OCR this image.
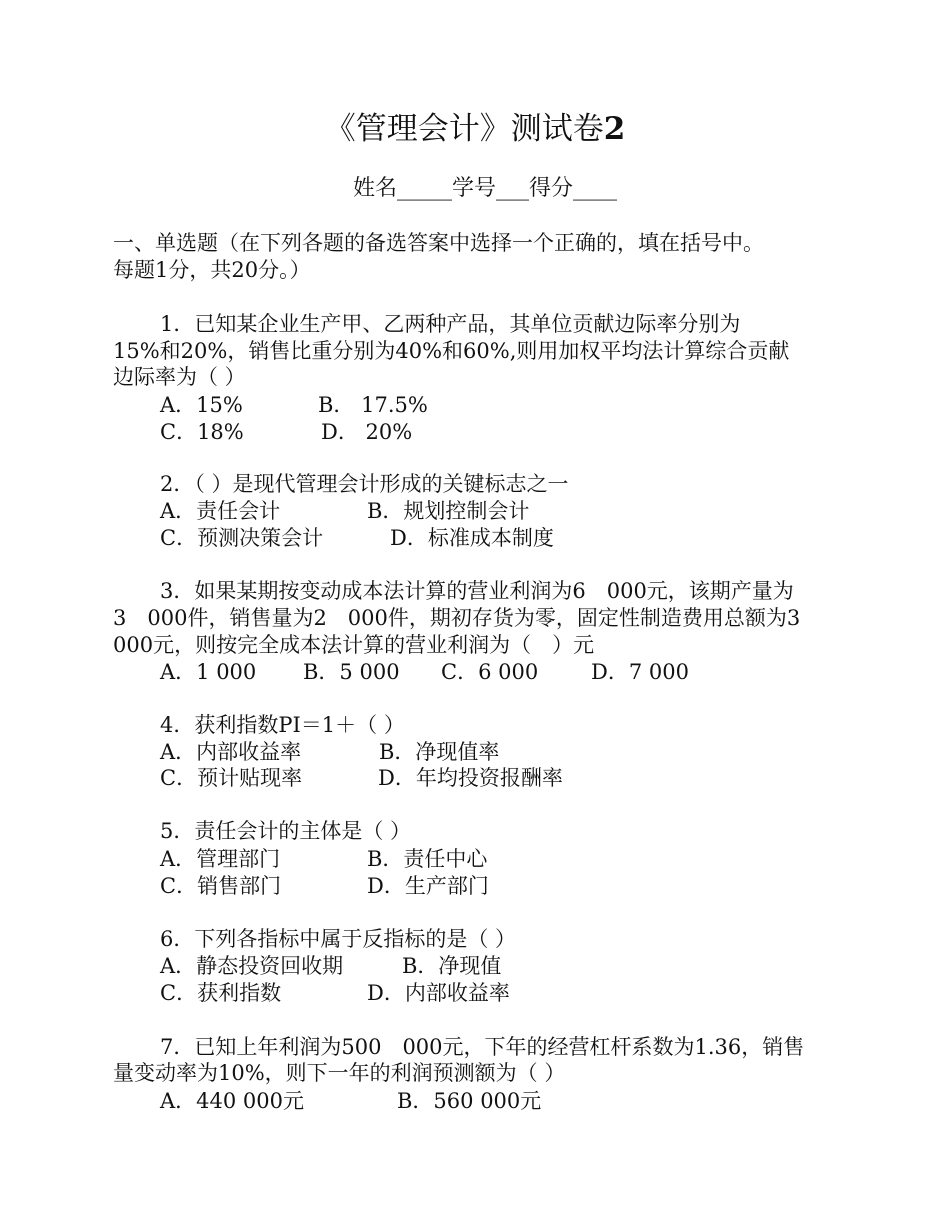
《管理会计》测试卷2
姓名_____学号___得分____
一、单选题（在下列各题的备选答案中选择一个正确的，填在括号中。
每题1分，共20分。）
1．已知某企业生产甲、乙两种产品，其单位贡献边际率分别为
15%和20%，销售比重分别为40%和60%,则用加权平均法计算综合贡献
边际率为（ ）
A．15%	B． 17.5%
C．18%	D． 20%
2．（ ）是现代管理会计形成的关键标志之一
A．责任会计	B．规划控制会计
C．预测决策会计	D．标准成本制度
3．如果某期按变动成本法计算的营业利润为6　000元，该期产量为
3　000件，销售量为2　000件，期初存货为零，固定性制造费用总额为3
000元，则按完全成本法计算的营业利润为（　）元
A．1 000 B．5 000 C．6 000	D．7 000
4．获利指数PI＝1＋（ ）
A．内部收益率	B．净现值率
C．预计贴现率	D．年均投资报酬率
5．责任会计的主体是（ ）
A．管理部门	B．责任中心
C．销售部门	D．生产部门
6．下列各指标中属于反指标的是（ ）
A．静态投资回收期	B．净现值
C．获利指数	D．内部收益率
7．已知上年利润为500　000元，下年的经营杠杆系数为1.36，销售
量变动率为10%，则下一年的利润预测额为（ ）
A．440 000元	B．560 000元
